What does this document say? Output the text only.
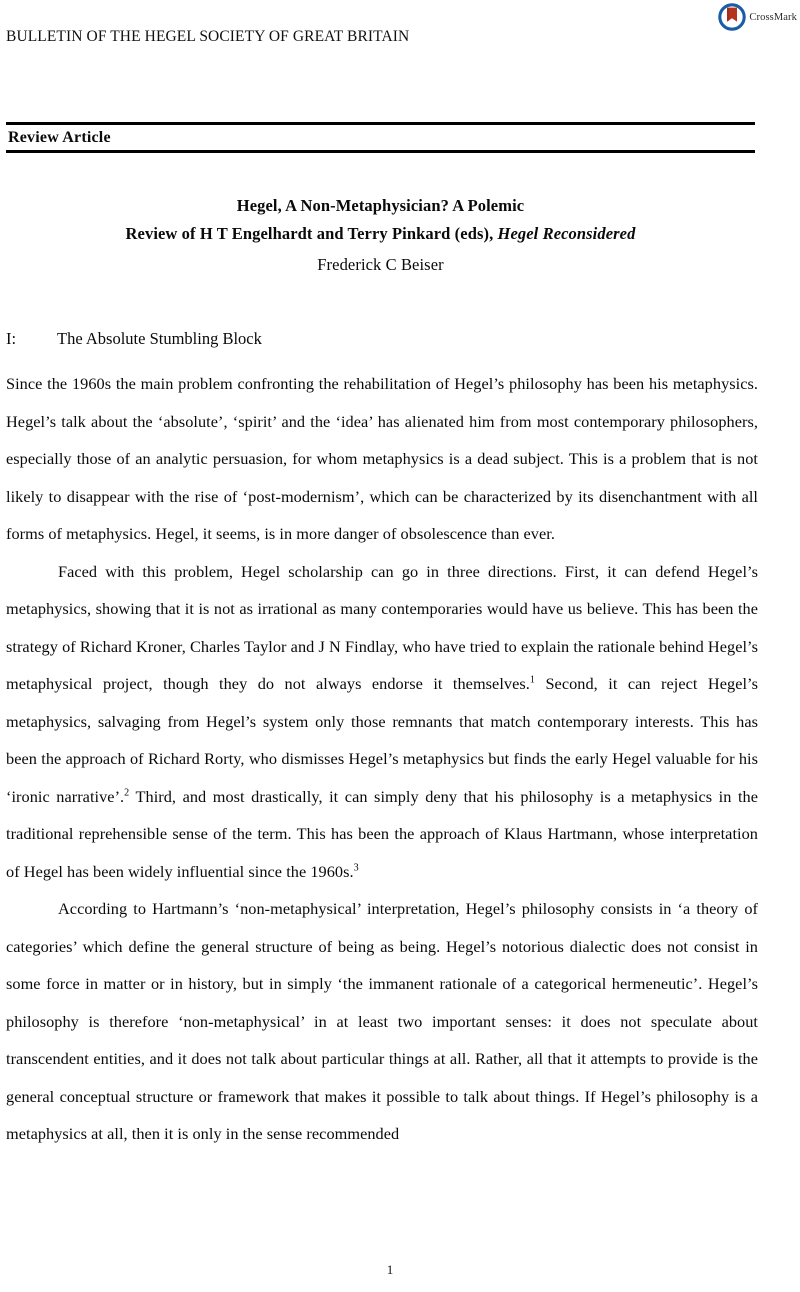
CrossMark
BULLETIN OF THE HEGEL SOCIETY OF GREAT BRITAIN
Review Article
Hegel, A Non-Metaphysician? A Polemic
Review of H T Engelhardt and Terry Pinkard (eds), Hegel Reconsidered
Frederick C Beiser
I: The Absolute Stumbling Block

Since the 1960s the main problem confronting the rehabilitation of Hegel’s philosophy has been his metaphysics. Hegel’s talk about the ‘absolute’, ‘spirit’ and the ‘idea’ has alienated him from most contemporary philosophers, especially those of an analytic persuasion, for whom metaphysics is a dead subject. This is a problem that is not likely to disappear with the rise of ‘post-modernism’, which can be characterized by its disenchantment with all forms of metaphysics. Hegel, it seems, is in more danger of obsolescence than ever.

Faced with this problem, Hegel scholarship can go in three directions. First, it can defend Hegel’s metaphysics, showing that it is not as irrational as many contemporaries would have us believe. This has been the strategy of Richard Kroner, Charles Taylor and J N Findlay, who have tried to explain the rationale behind Hegel’s metaphysical project, though they do not always endorse it themselves.$^1$ Second, it can reject Hegel’s metaphysics, salvaging from Hegel’s system only those remnants that match contemporary interests. This has been the approach of Richard Rorty, who dismisses Hegel’s metaphysics but finds the early Hegel valuable for his ‘ironic narrative’.$^2$ Third, and most drastically, it can simply deny that his philosophy is a metaphysics in the traditional reprehensible sense of the term. This has been the approach of Klaus Hartmann, whose interpretation of Hegel has been widely influential since the 1960s.$^3$

According to Hartmann’s ‘non-metaphysical’ interpretation, Hegel’s philosophy consists in ‘a theory of categories’ which define the general structure of being as being. Hegel’s notorious dialectic does not consist in some force in matter or in history, but in simply ‘the immanent rationale of a categorical hermeneutic’. Hegel’s philosophy is therefore ‘non-metaphysical’ in at least two important senses: it does not speculate about transcendent entities, and it does not talk about particular things at all. Rather, all that it attempts to provide is the general conceptual structure or framework that makes it possible to talk about things. If Hegel’s philosophy is a metaphysics at all, then it is only in the sense recommended

1
